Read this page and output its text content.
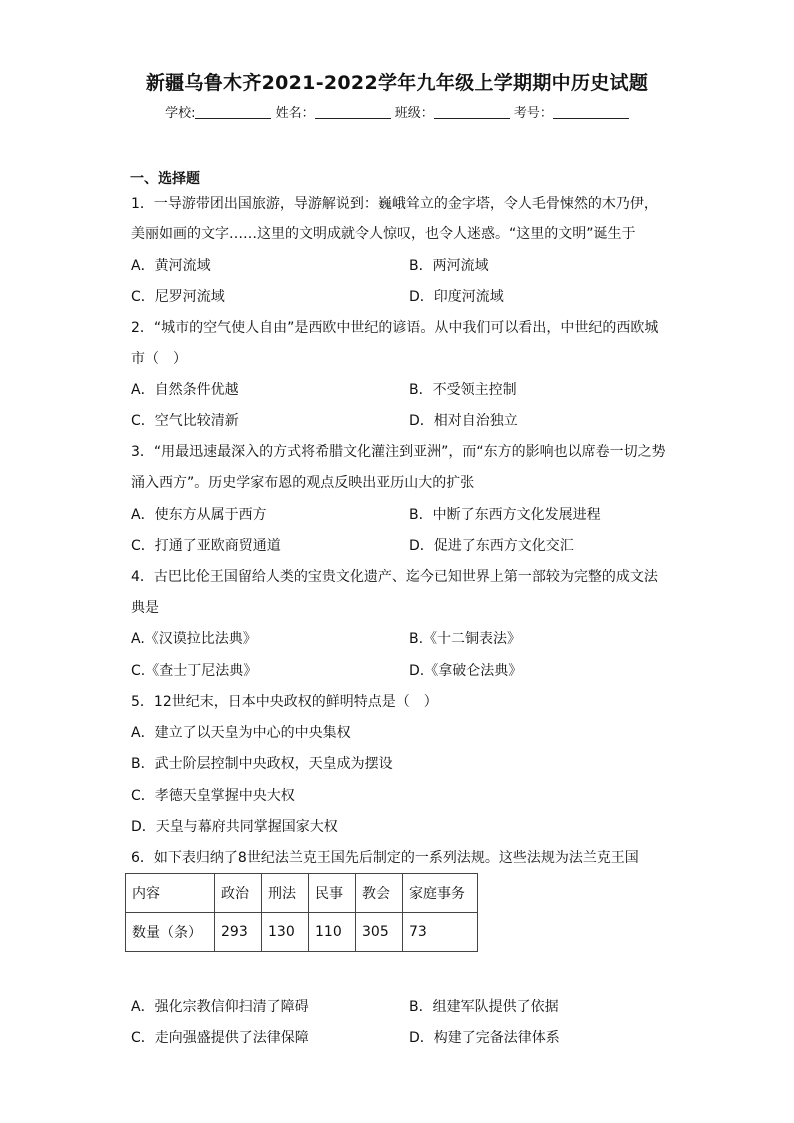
新疆乌鲁木齐2021-2022学年九年级上学期期中历史试题
学校:	姓名：	班级：	考号：
一、选择题
1．一导游带团出国旅游，导游解说到：巍峨耸立的金字塔，令人毛骨悚然的木乃伊，
美丽如画的文字……这里的文明成就令人惊叹，也令人迷惑。“这里的文明”诞生于
A．黄河流域	B．两河流域
C．尼罗河流域	D．印度河流域
2．“城市的空气使人自由”是西欧中世纪的谚语。从中我们可以看出，中世纪的西欧城
市（　）
A．自然条件优越	B．不受领主控制
C．空气比较清新	D．相对自治独立
3．“用最迅速最深入的方式将希腊文化灌注到亚洲”，而“东方的影响也以席卷一切之势
涌入西方”。历史学家布恩的观点反映出亚历山大的扩张
A．使东方从属于西方	B．中断了东西方文化发展进程
C．打通了亚欧商贸通道	D．促进了东西方文化交汇
4．古巴比伦王国留给人类的宝贵文化遗产、迄今已知世界上第一部较为完整的成文法
典是
A.《汉谟拉比法典》	B.《十二铜表法》
C.《查士丁尼法典》	D.《拿破仑法典》
5．12世纪末，日本中央政权的鲜明特点是（　）
A．建立了以天皇为中心的中央集权
B．武士阶层控制中央政权，天皇成为摆设
C．孝德天皇掌握中央大权
D．天皇与幕府共同掌握国家大权
6．如下表归纳了8世纪法兰克王国先后制定的一系列法规。这些法规为法兰克王国
内容	政治	刑法	民事	教会	家庭事务
数量（条）	293	130	110	305	73
A．强化宗教信仰扫清了障碍	B．组建军队提供了依据
C．走向强盛提供了法律保障	D．构建了完备法律体系
